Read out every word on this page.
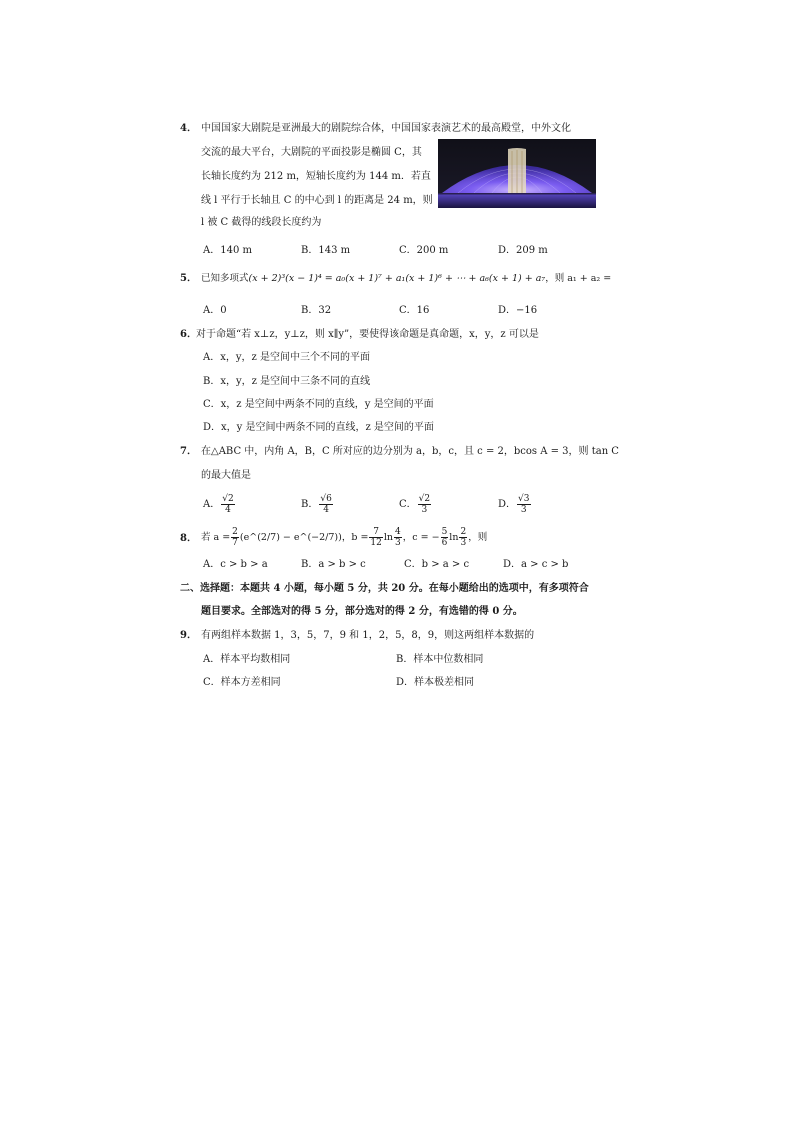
4． 中国国家大剧院是亚洲最大的剧院综合体，中国国家表演艺术的最高殿堂，中外文化
交流的最大平台，大剧院的平面投影是椭圆 C，其
长轴长度约为 212 m，短轴长度约为 144 m．若直
线 l 平行于长轴且 C 的中心到 l 的距离是 24 m，则
l 被 C 截得的线段长度约为
A．140 m	B．143 m	C．200 m	D．209 m
5． 已知多项式(x + 2)³(x − 1)⁴ = a₀(x + 1)⁷ + a₁(x + 1)⁶ + ⋯ + a₆(x + 1) + a₇，则 a₁ + a₂ =
A．0	B．32	C．16	D．−16
6． 对于命题“若 x⊥z，y⊥z，则 x∥y”，要使得该命题是真命题，x，y，z 可以是
A．x，y，z 是空间中三个不同的平面
B．x，y，z 是空间中三条不同的直线
C．x，z 是空间中两条不同的直线，y 是空间的平面
D．x，y 是空间中两条不同的直线，z 是空间的平面
7． 在△ABC 中，内角 A，B，C 所对应的边分别为 a，b，c，且 c = 2，bcos A = 3，则 tan C
的最大值是
A． $\frac{√2}{4}$	B． $\frac{√6}{4}$	C． $\frac{√2}{3}$	D． $\frac{√3}{3}$
8． 若 $a = \frac{2}{7}$ (e^(2/7) − e^(−2/7))，$b = \frac{7}{12}$ $\ln \frac{4}{3}$ ，c = − $\frac{5}{6}$ $\ln \frac{2}{3}$ ，则
A．c > b > a	B．a > b > c	C．b > a > c	D．a > c > b
二、选择题：本题共 4 小题，每小题 5 分，共 20 分。在每小题给出的选项中，有多项符合
题目要求。全部选对的得 5 分，部分选对的得 2 分，有选错的得 0 分。
9． 有两组样本数据 1，3，5，7，9 和 1，2，5，8，9，则这两组样本数据的
A．样本平均数相同	B．样本中位数相同
C．样本方差相同	D．样本极差相同
